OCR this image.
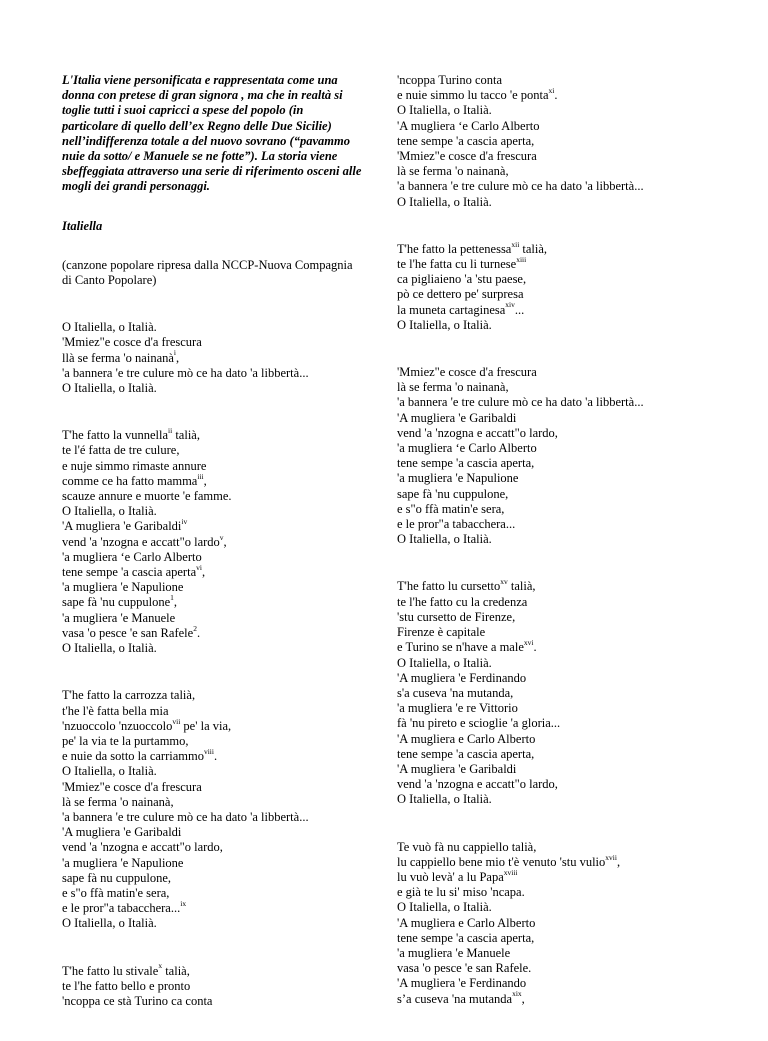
L'Italia viene personificata e rappresentata come una donna con pretese di gran signora , ma che in realtà si toglie tutti i suoi capricci a spese del popolo (in particolare di quello dell’ex Regno delle Due Sicilie) nell’indifferenza totale a del nuovo sovrano (“pavammo nuie da sotto/ e Manuele se ne fotte”). La storia viene sbeffeggiata attraverso una serie di riferimento osceni alle mogli dei grandi personaggi.

Italiella

(canzone popolare ripresa dalla NCCP-Nuova Compagnia di Canto Popolare)

O Italiella, o Italià.
'Mmiez"e cosce d'a frescura
llà se ferma 'o nainanà$^i$,
'a bannera 'e tre culure mò ce ha dato 'a libbertà...
O Italiella, o Italià.
T'he fatto la vunnella$^{ii}$ talià,
te l'é fatta de tre culure,
e nuje simmo rimaste annure
comme ce ha fatto mamma$^{iii}$,
scauze annure e muorte 'e famme.
O Italiella, o Italià.
'A mugliera 'e Garibaldi$^{iv}$
vend 'a 'nzogna e accatt"o lardo$^v$,
'a mugliera ‘e Carlo Alberto
tene sempe 'a cascia aperta$^{vi}$,
'a mugliera 'e Napulione
sape fà 'nu cuppulone$^1$,
'a mugliera 'e Manuele
vasa 'o pesce 'e san Rafele$^2$.
O Italiella, o Italià.
T'he fatto la carrozza talià,
t'he l'è fatta bella mia
'nzuoccolo 'nzuoccolo$^{vii}$ pe' la via,
pe' la via te la purtammo,
e nuie da sotto la carriammo$^{viii}$.
O Italiella, o Italià.
'Mmiez"e cosce d'a frescura
là se ferma 'o nainanà,
'a bannera 'e tre culure mò ce ha dato 'a libbertà...
'A mugliera 'e Garibaldi
vend 'a 'nzogna e accatt"o lardo,
'a mugliera 'e Napulione
sape fà nu cuppulone,
e s"o ffà matin'e sera,
e le pror"a tabacchera...$^{ix}$
O Italiella, o Italià.
T'he fatto lu stivale$^x$ talià,
te l'he fatto bello e pronto
'ncoppa ce stà Turino ca conta
'ncoppa Turino conta
e nuie simmo lu tacco 'e ponta$^{xi}$.
O Italiella, o Italià.
'A mugliera ‘e Carlo Alberto
tene sempe 'a cascia aperta,
'Mmiez"e cosce d'a frescura
là se ferma 'o nainanà,
'a bannera 'e tre culure mò ce ha dato 'a libbertà...
O Italiella, o Italià.
T'he fatto la pettenessa$^{xii}$ talià,
te l'he fatta cu li turnese$^{xiii}$
ca pigliaieno 'a 'stu paese,
pò ce dettero pe' surpresa
la muneta cartaginesa$^{xiv}$...
O Italiella, o Italià.
'Mmiez"e cosce d'a frescura
là se ferma 'o nainanà,
'a bannera 'e tre culure mò ce ha dato 'a libbertà...
'A mugliera 'e Garibaldi
vend 'a 'nzogna e accatt"o lardo,
'a mugliera ‘e Carlo Alberto
tene sempe 'a cascia aperta,
'a mugliera 'e Napulione
sape fà 'nu cuppulone,
e s"o ffà matin'e sera,
e le pror"a tabacchera...
O Italiella, o Italià.
T'he fatto lu cursetto$^{xv}$ talià,
te l'he fatto cu la credenza
'stu cursetto de Firenze,
Firenze è capitale
e Turino se n'have a male$^{xvi}$.
O Italiella, o Italià.
'A mugliera 'e Ferdinando
s'a cuseva 'na mutanda,
'a mugliera 'e re Vittorio
fà 'nu pireto e scioglie 'a gloria...
'A mugliera e Carlo Alberto
tene sempe 'a cascia aperta,
'A mugliera 'e Garibaldi
vend 'a 'nzogna e accatt"o lardo,
O Italiella, o Italià.
Te vuò fà nu cappiello talià,
lu cappiello bene mio t'è venuto 'stu vulio$^{xvii}$,
lu vuò levà' a lu Papa$^{xviii}$
e già te lu si' miso 'ncapa.
O Italiella, o Italià.
'A mugliera e Carlo Alberto
tene sempe 'a cascia aperta,
'a mugliera 'e Manuele
vasa 'o pesce 'e san Rafele.
'A mugliera 'e Ferdinando
s’a cuseva 'na mutanda$^{xix}$,
